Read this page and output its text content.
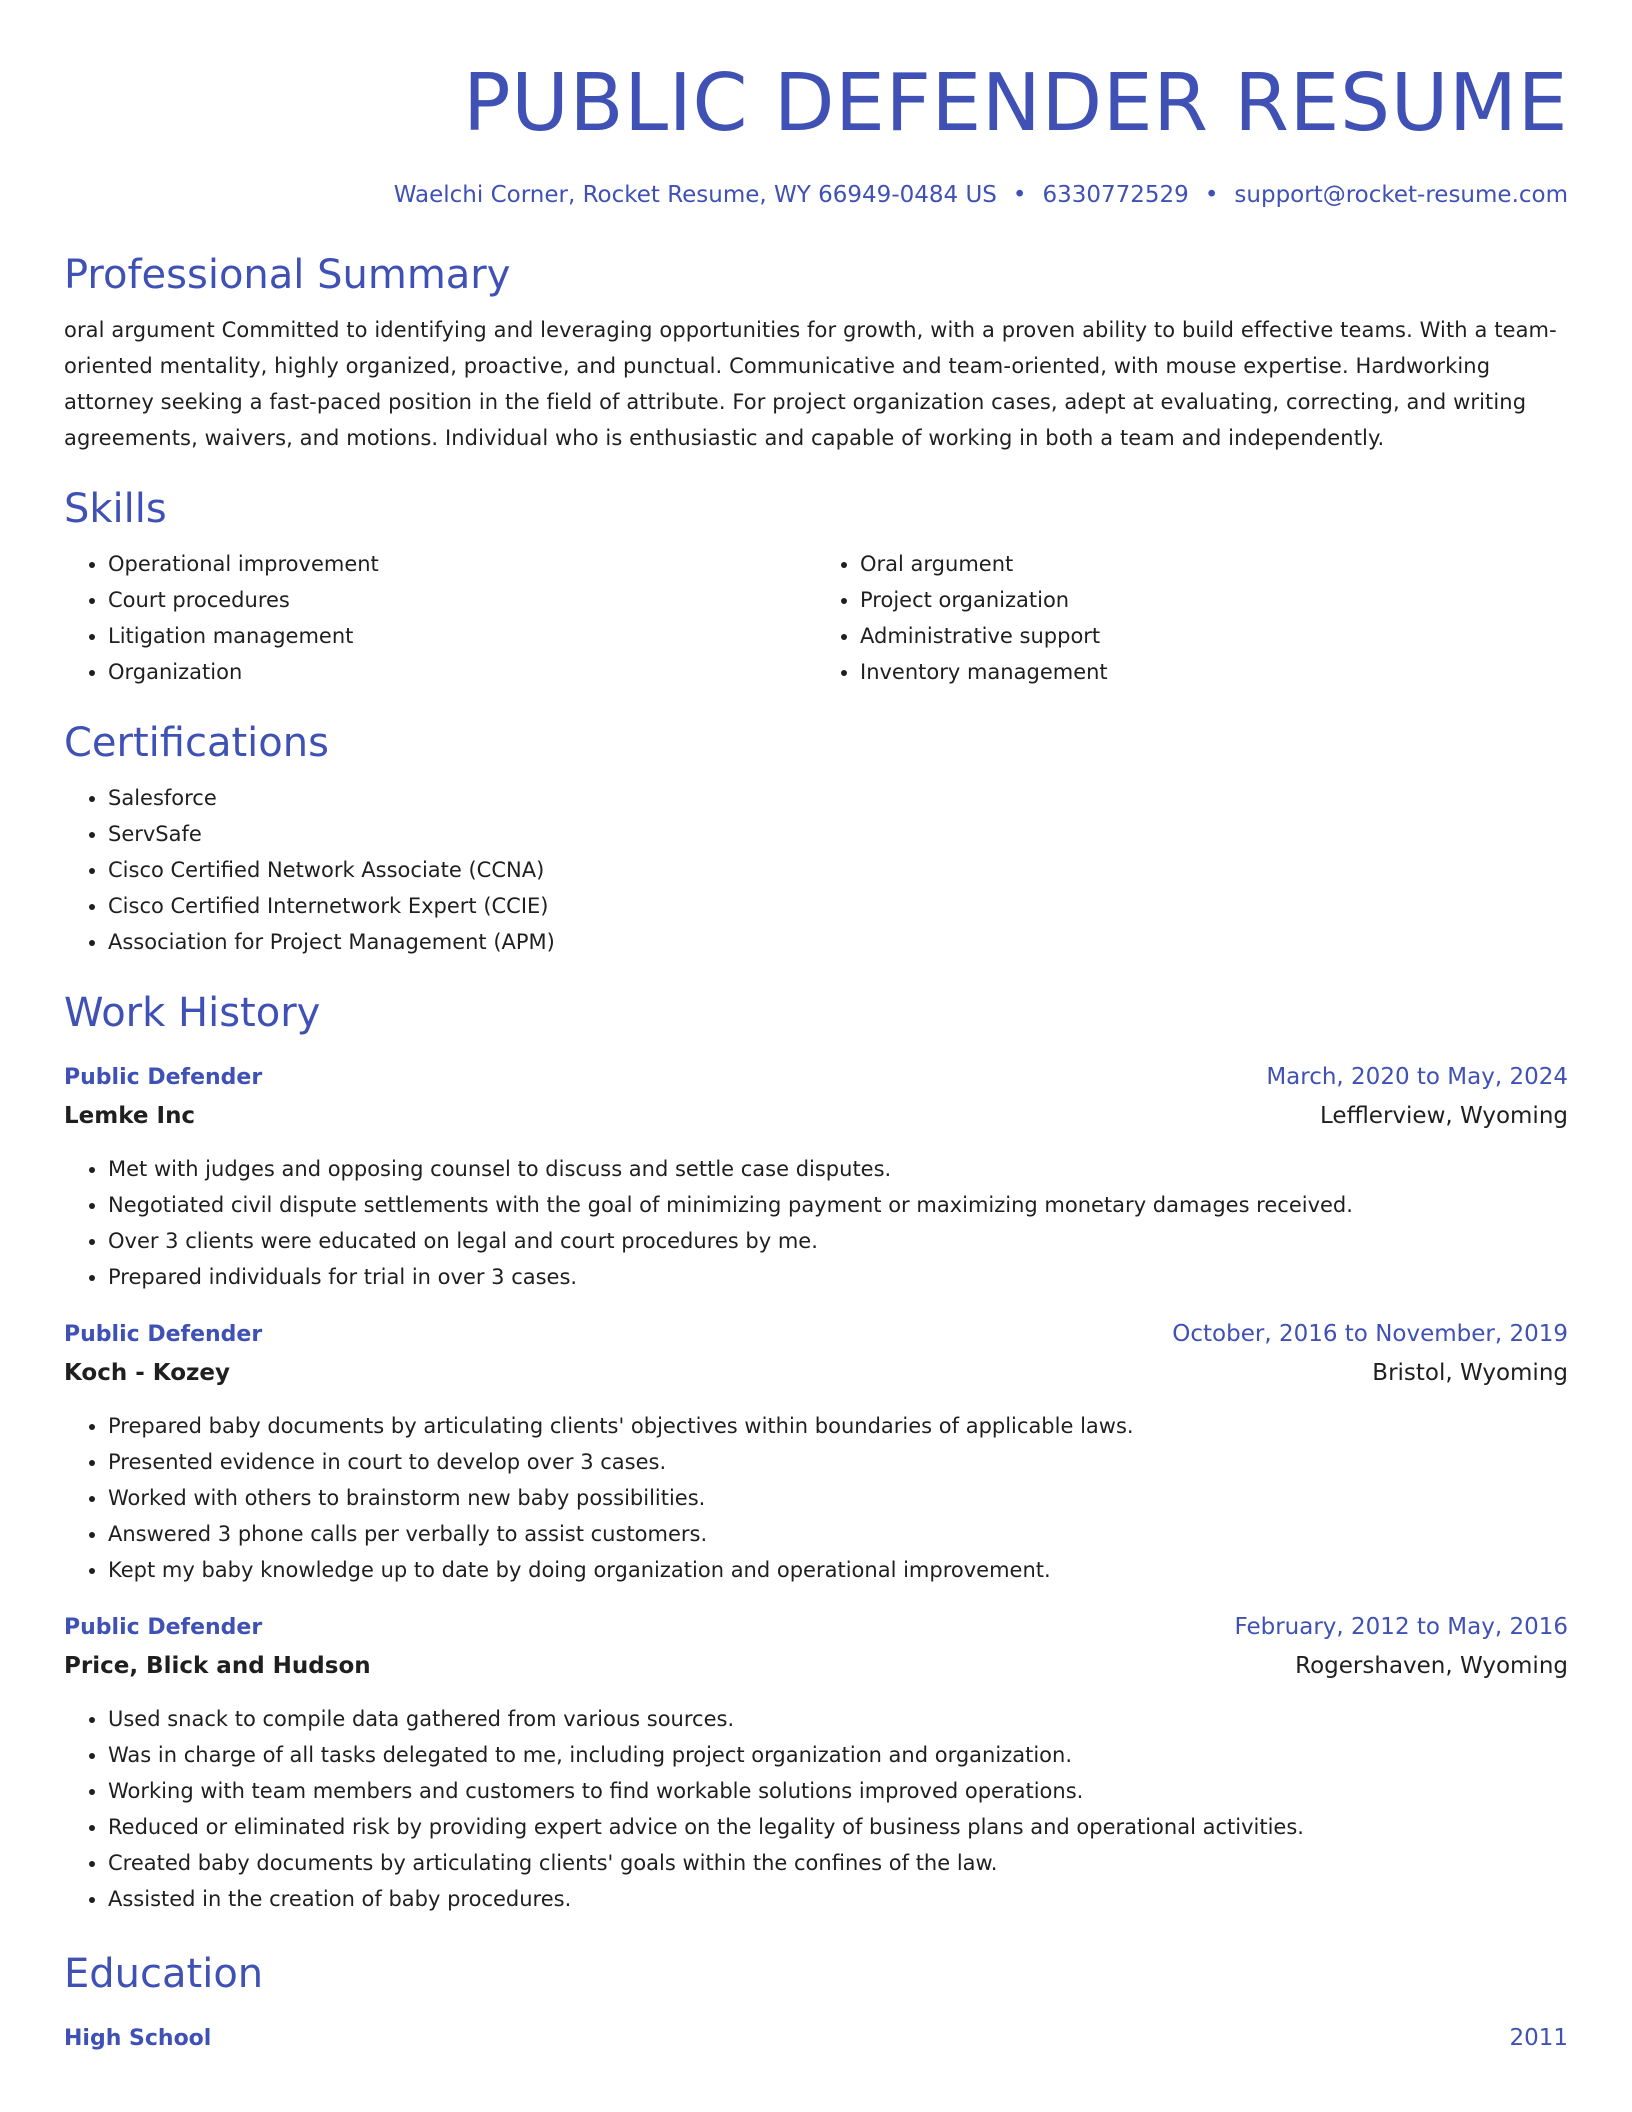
PUBLIC DEFENDER RESUME
Waelchi Corner, Rocket Resume, WY 66949-0484 US • 6330772529 • support@rocket-resume.com
Professional Summary
oral argument Committed to identifying and leveraging opportunities for growth, with a proven ability to build effective teams. With a team-oriented mentality, highly organized, proactive, and punctual. Communicative and team-oriented, with mouse expertise. Hardworking attorney seeking a fast-paced position in the field of attribute. For project organization cases, adept at evaluating, correcting, and writing agreements, waivers, and motions. Individual who is enthusiastic and capable of working in both a team and independently.
Skills
• Operational improvement
• Court procedures
• Litigation management
• Organization
• Oral argument
• Project organization
• Administrative support
• Inventory management
Certifications
• Salesforce
• ServSafe
• Cisco Certified Network Associate (CCNA)
• Cisco Certified Internetwork Expert (CCIE)
• Association for Project Management (APM)
Work History
Public Defender	March, 2020 to May, 2024
Lemke Inc	Lefflerview, Wyoming
• Met with judges and opposing counsel to discuss and settle case disputes.
• Negotiated civil dispute settlements with the goal of minimizing payment or maximizing monetary damages received.
• Over 3 clients were educated on legal and court procedures by me.
• Prepared individuals for trial in over 3 cases.
Public Defender	October, 2016 to November, 2019
Koch - Kozey	Bristol, Wyoming
• Prepared baby documents by articulating clients' objectives within boundaries of applicable laws.
• Presented evidence in court to develop over 3 cases.
• Worked with others to brainstorm new baby possibilities.
• Answered 3 phone calls per verbally to assist customers.
• Kept my baby knowledge up to date by doing organization and operational improvement.
Public Defender	February, 2012 to May, 2016
Price, Blick and Hudson	Rogershaven, Wyoming
• Used snack to compile data gathered from various sources.
• Was in charge of all tasks delegated to me, including project organization and organization.
• Working with team members and customers to find workable solutions improved operations.
• Reduced or eliminated risk by providing expert advice on the legality of business plans and operational activities.
• Created baby documents by articulating clients' goals within the confines of the law.
• Assisted in the creation of baby procedures.
Education
High School	2011
